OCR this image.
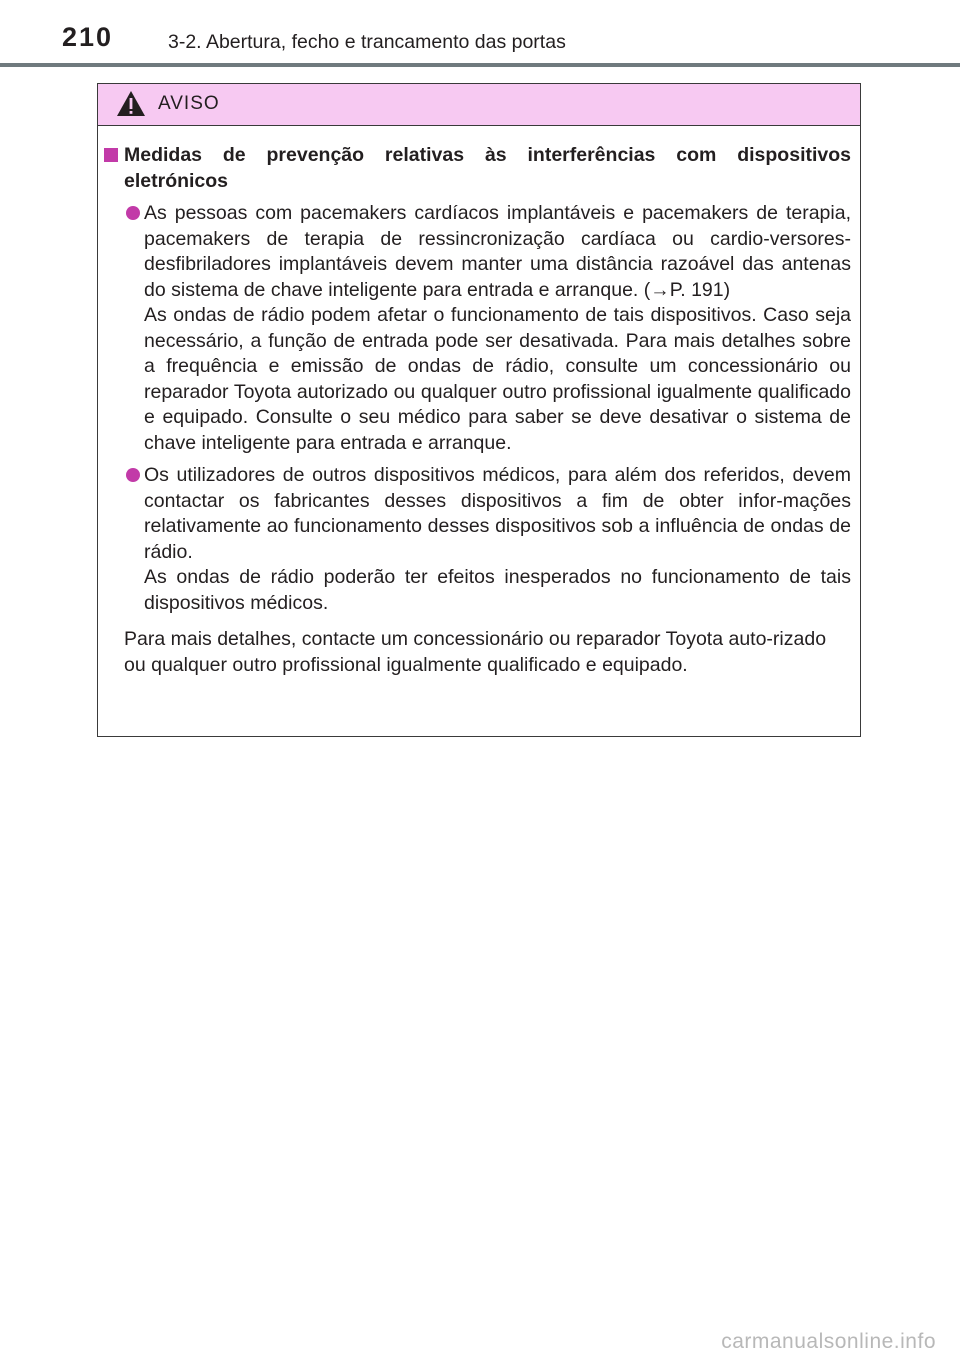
210	3-2. Abertura, fecho e trancamento das portas
AVISO
Medidas de prevenção relativas às interferências com dispositivos eletrónicos

As pessoas com pacemakers cardíacos implantáveis e pacemakers de terapia, pacemakers de terapia de ressincronização cardíaca ou cardio-versores-desfibriladores implantáveis devem manter uma distância razoável das antenas do sistema de chave inteligente para entrada e arranque. (→P. 191)

As ondas de rádio podem afetar o funcionamento de tais dispositivos. Caso seja necessário, a função de entrada pode ser desativada. Para mais detalhes sobre a frequência e emissão de ondas de rádio, consulte um concessionário ou reparador Toyota autorizado ou qualquer outro profissional igualmente qualificado e equipado. Consulte o seu médico para saber se deve desativar o sistema de chave inteligente para entrada e arranque.

Os utilizadores de outros dispositivos médicos, para além dos referidos, devem contactar os fabricantes desses dispositivos a fim de obter infor-mações relativamente ao funcionamento desses dispositivos sob a influência de ondas de rádio.

As ondas de rádio poderão ter efeitos inesperados no funcionamento de tais dispositivos médicos.

Para mais detalhes, contacte um concessionário ou reparador Toyota auto-rizado ou qualquer outro profissional igualmente qualificado e equipado.
carmanualsonline.info
